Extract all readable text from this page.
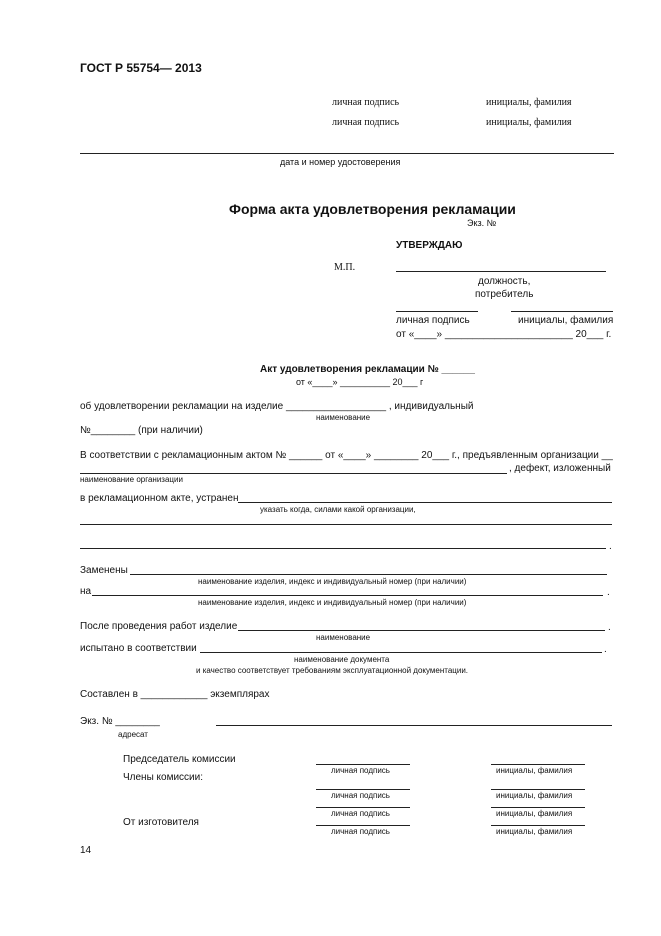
ГОСТ Р 55754— 2013
личная подпись	инициалы, фамилия
личная подпись	инициалы, фамилия
дата и номер удостоверения
Форма акта удовлетворения рекламации
Экз. №
УТВЕРЖДАЮ
М.П.
должность,
потребитель
личная подпись	инициалы, фамилия
от «____» _______________________ 20___ г.
Акт удовлетворения рекламации № ______
от «____» __________ 20___ г
об удовлетворении рекламации на изделие __________________ , индивидуальный
наименование
№________ (при наличии)
В соответствии с рекламационным актом № ______ от «____» ________ 20___ г., предъявленным организации __
, дефект, изложенный
наименование организации
в рекламационном акте, устранен
указать когда, силами какой организации,
.
Заменены
наименование изделия, индекс и индивидуальный номер (при наличии)
на	.
наименование изделия, индекс и индивидуальный номер (при наличии)
После проведения работ изделие	.
наименование
испытано в соответствии	.
наименование документа
и качество соответствует требованиям эксплуатационной документации.
Составлен в ____________ экземплярах
Экз. № ________
адресат
Председатель комиссии
личная подпись	инициалы, фамилия
Члены комиссии:
личная подпись	инициалы, фамилия
личная подпись	инициалы, фамилия
От изготовителя
личная подпись	инициалы, фамилия
14
